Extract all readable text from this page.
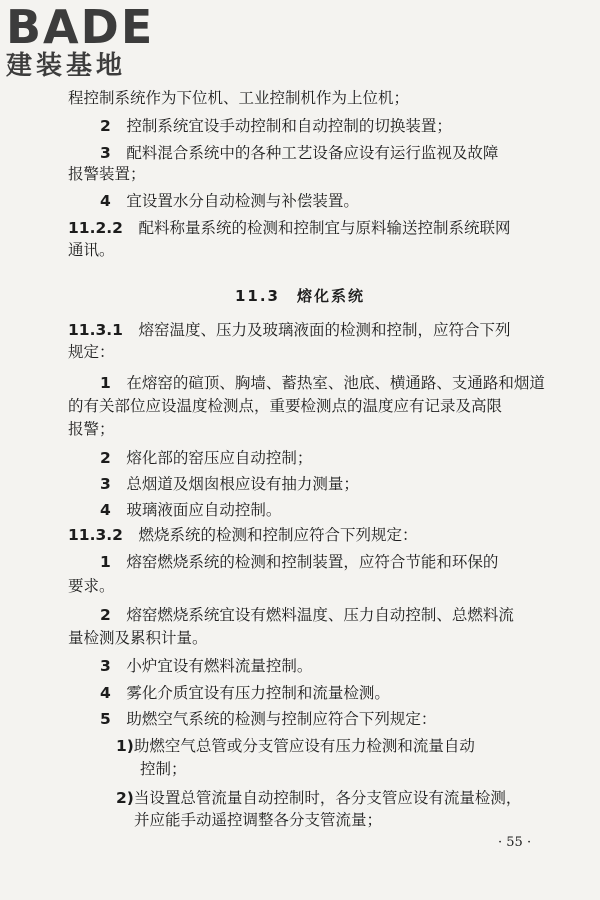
BADE
建装基地
程控制系统作为下位机、工业控制机作为上位机；
2　 控制系统宜设手动控制和自动控制的切换装置；
3　 配料混合系统中的各种工艺设备应设有运行监视及故障
报警装置；
4　 宜设置水分自动检测与补偿装置。
11.2.2　 配料称量系统的检测和控制宜与原料输送控制系统联网
通讯。
11.3　熔化系统
11.3.1　 熔窑温度、压力及玻璃液面的检测和控制，应符合下列
规定：
1　 在熔窑的碹顶、胸墙、蓄热室、池底、横通路、支通路和烟道
的有关部位应设温度检测点，重要检测点的温度应有记录及高限
报警；
2　 熔化部的窑压应自动控制；
3　 总烟道及烟囱根应设有抽力测量；
4　 玻璃液面应自动控制。
11.3.2　 燃烧系统的检测和控制应符合下列规定：
1　 熔窑燃烧系统的检测和控制装置，应符合节能和环保的
要求。
2　 熔窑燃烧系统宜设有燃料温度、压力自动控制、总燃料流
量检测及累积计量。
3　 小炉宜设有燃料流量控制。
4　 雾化介质宜设有压力控制和流量检测。
5　 助燃空气系统的检测与控制应符合下列规定：
1)助燃空气总管或分支管应设有压力检测和流量自动
控制；
2)当设置总管流量自动控制时，各分支管应设有流量检测，
并应能手动遥控调整各分支管流量；
· 55 ·
